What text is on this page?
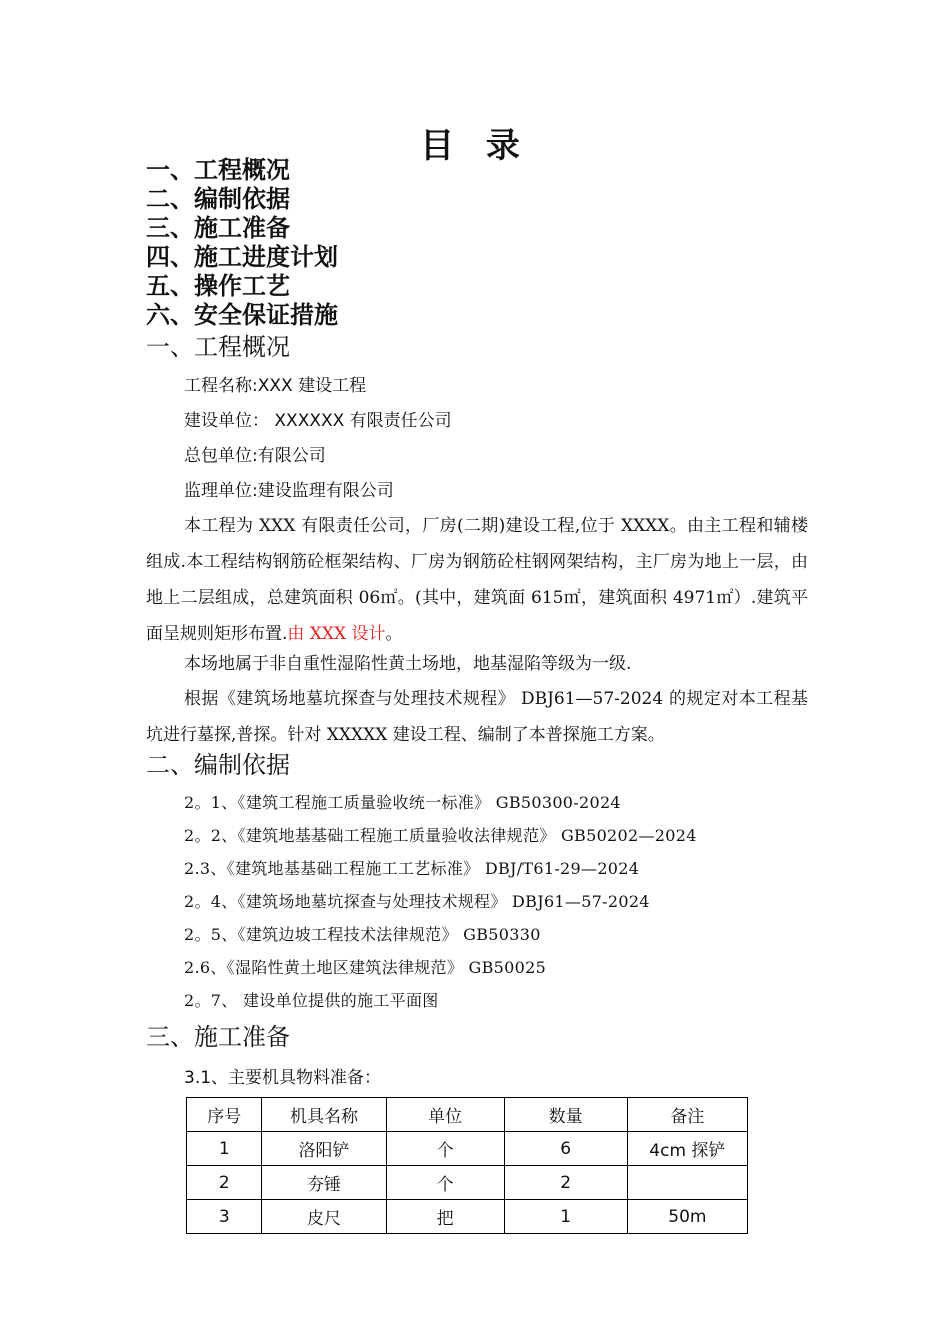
目 录
一、工程概况
二、编制依据
三、施工准备
四、施工进度计划
五、操作工艺
六、安全保证措施
一、工程概况
工程名称:XXX 建设工程
建设单位： XXXXXX 有限责任公司
总包单位:有限公司
监理单位:建设监理有限公司
本工程为 XXX 有限责任公司，厂房(二期)建设工程,位于 XXXX。由主工程和辅楼组成.本工程结构钢筋砼框架结构、厂房为钢筋砼柱钢网架结构，主厂房为地上一层，由地上二层组成，总建筑面积 06㎡。(其中，建筑面 615㎡，建筑面积 4971㎡）.建筑平面呈规则矩形布置.由 XXX 设计。
本场地属于非自重性湿陷性黄土场地，地基湿陷等级为一级.
根据《建筑场地墓坑探查与处理技术规程》 DBJ61—57-2024 的规定对本工程基坑进行墓探,普探。针对 XXXXX 建设工程、编制了本普探施工方案。
二、编制依据
2。1、《建筑工程施工质量验收统一标准》 GB50300-2024
2。2、《建筑地基基础工程施工质量验收法律规范》 GB50202—2024
2.3、《建筑地基基础工程施工工艺标准》 DBJ/T61-29—2024
2。4、《建筑场地墓坑探查与处理技术规程》 DBJ61—57-2024
2。5、《建筑边坡工程技术法律规范》 GB50330
2.6、《湿陷性黄土地区建筑法律规范》 GB50025
2。7、 建设单位提供的施工平面图
三、施工准备
3.1、主要机具物料准备：
序号	机具名称	单位	数量	备注
1	洛阳铲	个	6	4cm 探铲
2	夯锤	个	2	
3	皮尺	把	1	50m
